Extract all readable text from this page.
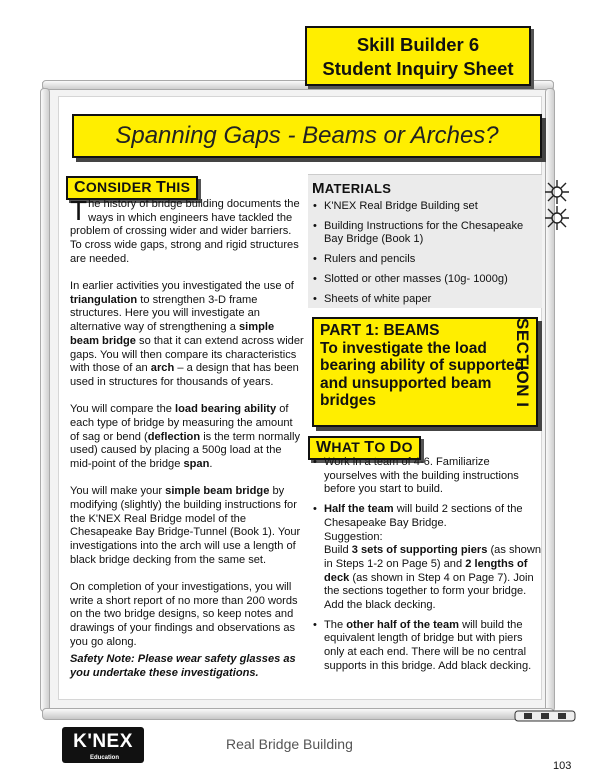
Skill Builder 6
Student Inquiry Sheet
Spanning Gaps - Beams or Arches?
CONSIDER THIS

The history of bridge building documents the ways in which engineers have tackled the problem of crossing wider and wider barriers. To cross wide gaps, strong and rigid structures are needed.

In earlier activities you investigated the use of triangulation to strengthen 3-D frame structures. Here you will investigate an alternative way of strengthening a simple beam bridge so that it can extend across wider gaps. You will then compare its characteristics with those of an arch – a design that has been used in structures for thousands of years.

You will compare the load bearing ability of each type of bridge by measuring the amount of sag or bend (deflection is the term normally used) caused by placing a 500g load at the mid-point of the bridge span.

You will make your simple beam bridge by modifying (slightly) the building instructions for the K'NEX Real Bridge model of the Chesapeake Bay Bridge-Tunnel (Book 1). Your investigations into the arch will use a length of black bridge decking from the same set.

On completion of your investigations, you will write a short report of no more than 200 words on the two bridge designs, so keep notes and drawings of your findings and observations as you go along.

Safety Note: Please wear safety glasses as you undertake these investigations.

MATERIALS
• K'NEX Real Bridge Building set
• Building Instructions for the Chesapeake Bay Bridge (Book 1)
• Rulers and pencils
• Slotted or other masses (10g- 1000g)
• Sheets of white paper
PART 1: BEAMS
To investigate the load bearing ability of supported and unsupported beam bridges
WHAT TO DO
• Work in a team of 4-6. Familiarize yourselves with the building instructions before you start to build.
• Half the team will build 2 sections of the Chesapeake Bay Bridge.
Suggestion:
Build 3 sets of supporting piers (as shown in Steps 1-2 on Page 5) and 2 lengths of deck (as shown in Step 4 on Page 7). Join the sections together to form your bridge. Add the black decking.
• The other half of the team will build the equivalent length of bridge but with piers only at each end. There will be no central supports in this bridge. Add black decking.
SECTION I
K'NEX
Education
Real Bridge Building
103
